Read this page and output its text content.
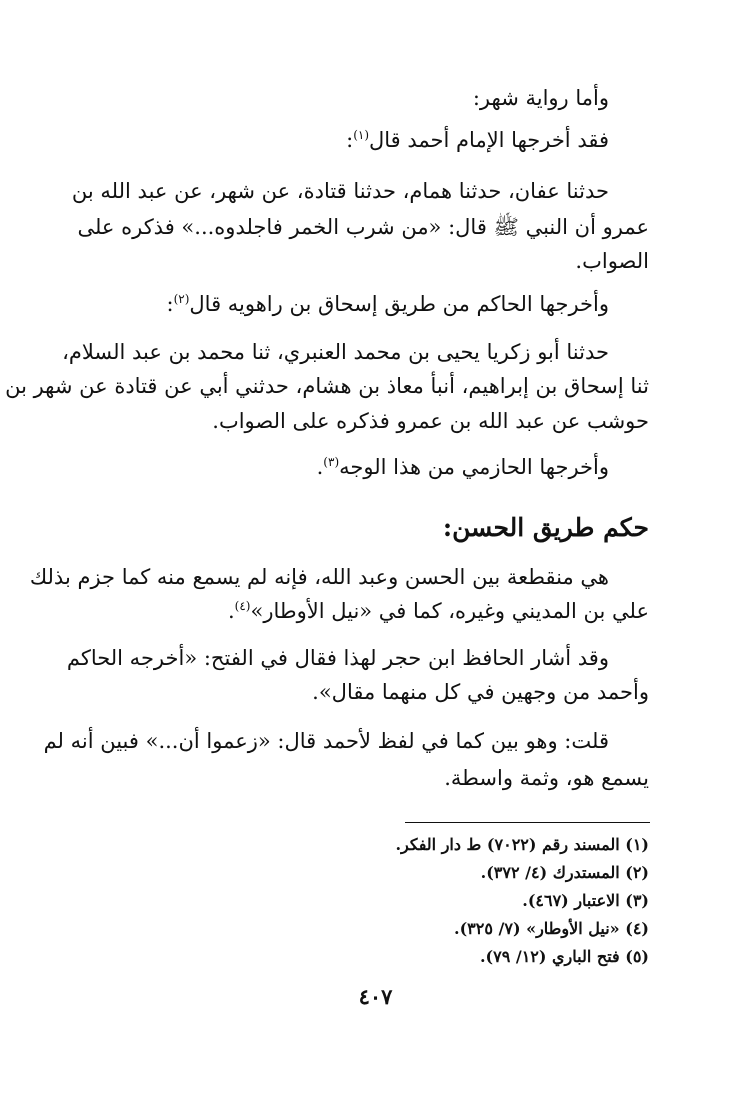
وأما رواية شهر:
فقد أخرجها الإمام أحمد قال$^{(١)}$:
حدثنا عفان، حدثنا همام، حدثنا قتادة، عن شهر، عن عبد الله بن
عمرو أن النبي ﷺ قال: «من شرب الخمر فاجلدوه...» فذكره على
الصواب.
وأخرجها الحاكم من طريق إسحاق بن راهويه قال$^{(٢)}$:
حدثنا أبو زكريا يحيى بن محمد العنبري، ثنا محمد بن عبد السلام،
ثنا إسحاق بن إبراهيم، أنبأ معاذ بن هشام، حدثني أبي عن قتادة عن شهر بن
حوشب عن عبد الله بن عمرو فذكره على الصواب.
وأخرجها الحازمي من هذا الوجه$^{(٣)}$.
حكم طريق الحسن:
هي منقطعة بين الحسن وعبد الله، فإنه لم يسمع منه كما جزم بذلك
علي بن المديني وغيره، كما في «نيل الأوطار»$^{(٤)}$.
وقد أشار الحافظ ابن حجر لهذا فقال في الفتح: «أخرجه الحاكم
وأحمد من وجهين في كل منهما مقال».
قلت: وهو بين كما في لفظ لأحمد قال: «زعموا أن...» فبين أنه لم
يسمع هو، وثمة واسطة.
(١) المسند رقم (٧٠٢٢) ط دار الفكر.
(٢) المستدرك (٤/ ٣٧٢).
(٣) الاعتبار (٤٦٧).
(٤) «نيل الأوطار» (٧/ ٣٢٥).
(٥) فتح الباري (١٢/ ٧٩).
٤٠٧
